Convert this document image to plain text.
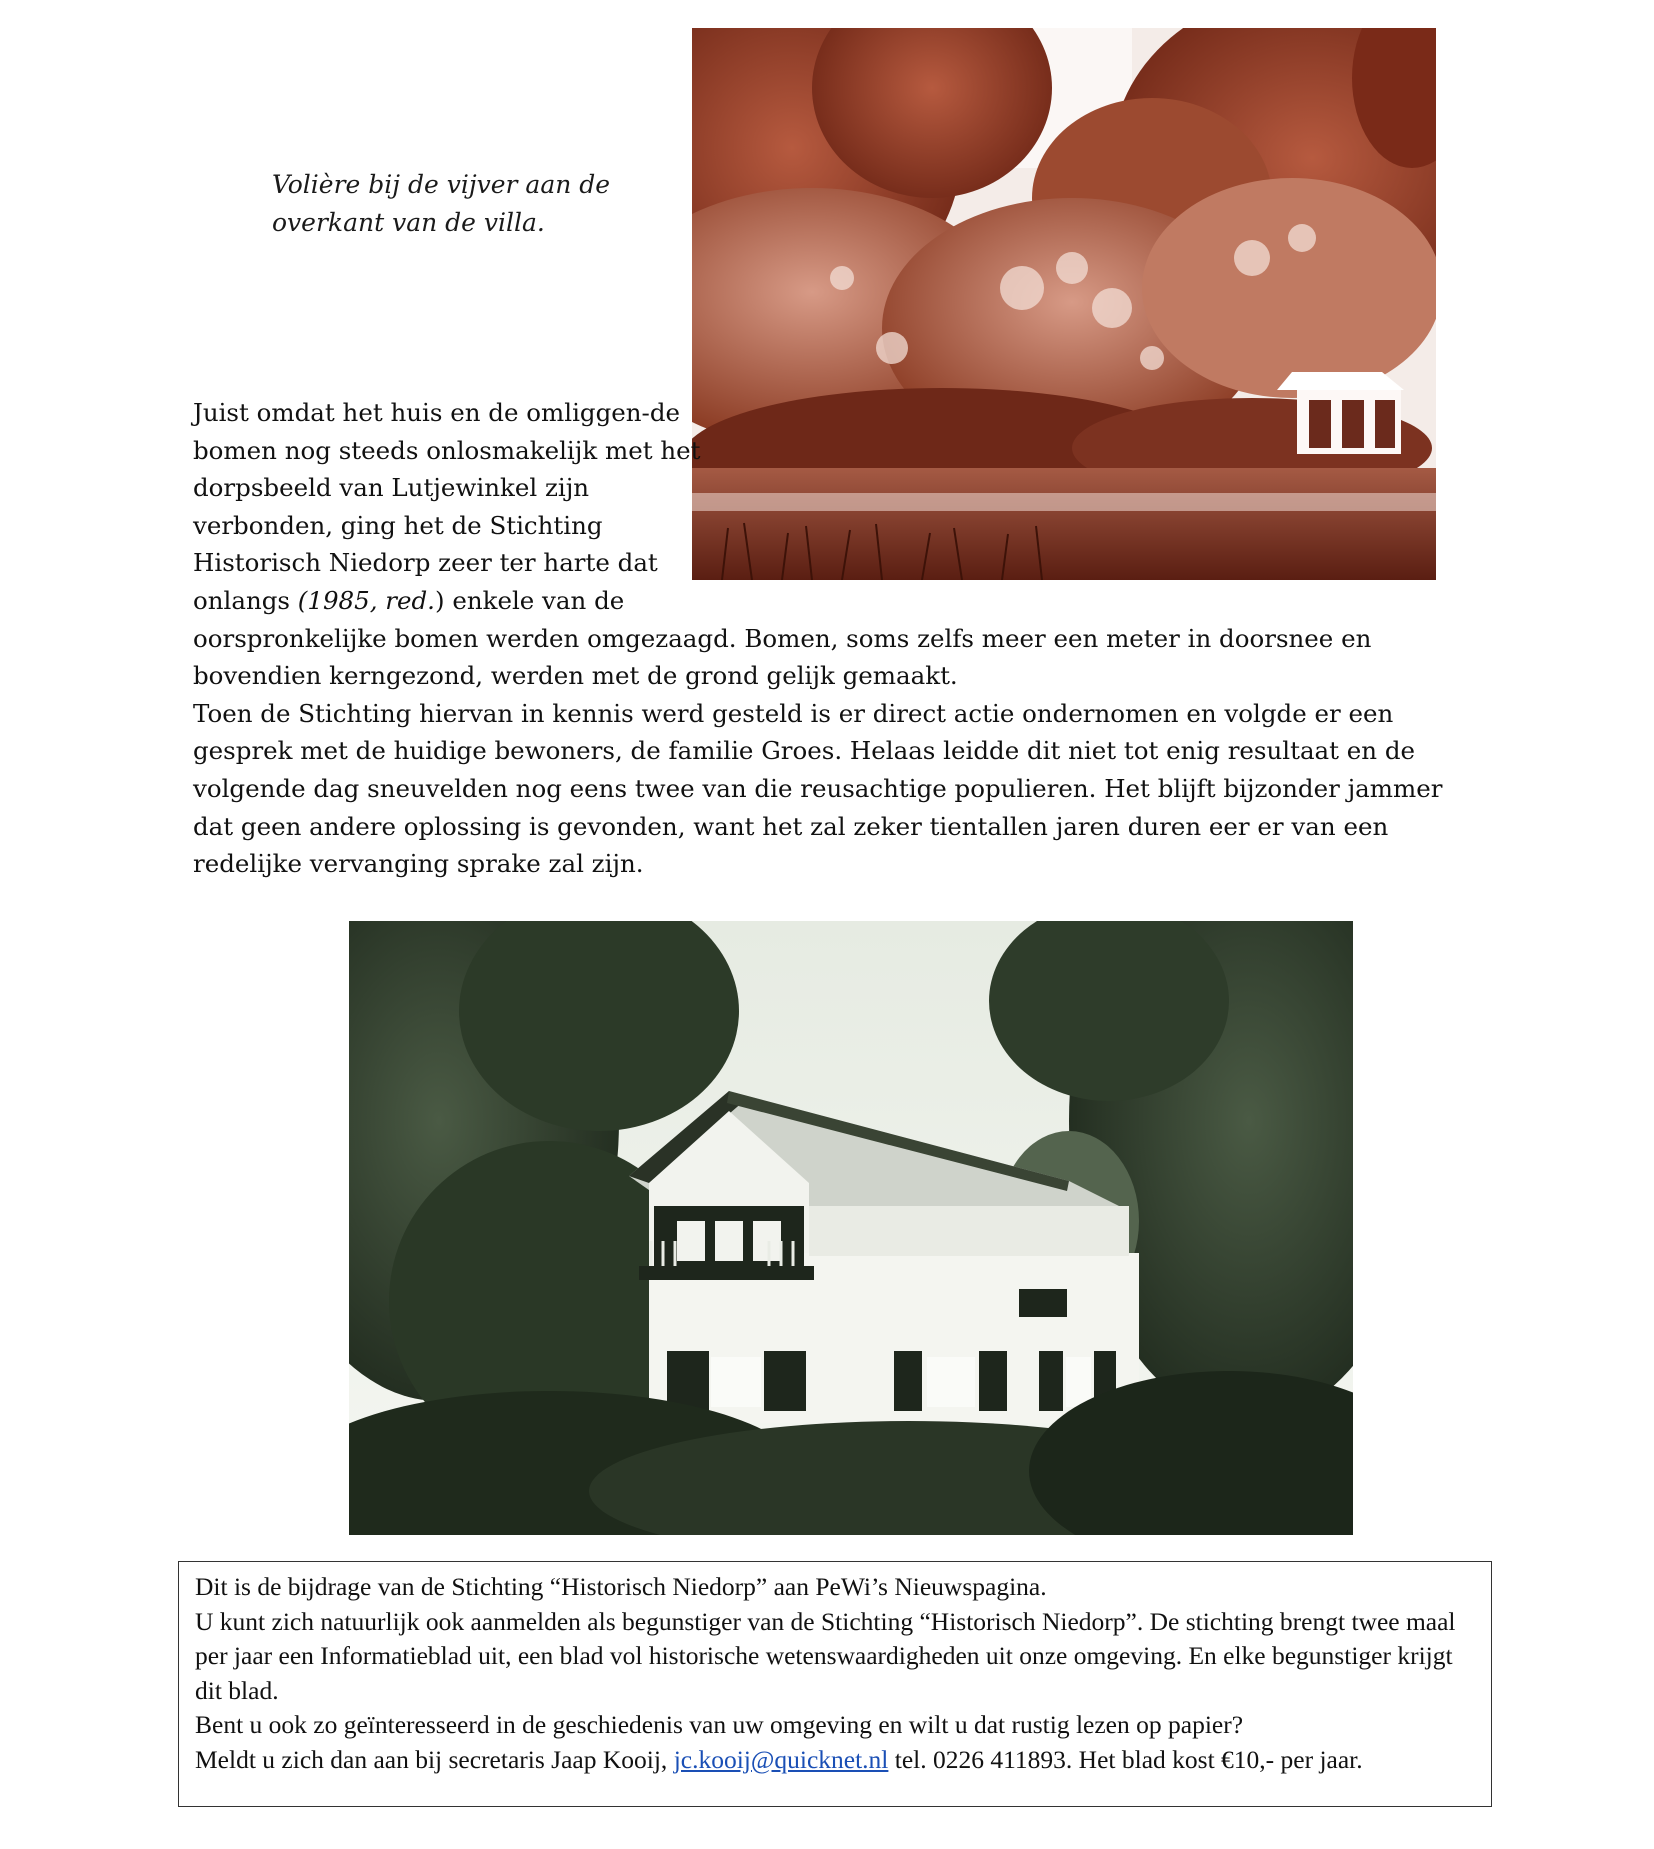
Volière bij de vijver aan de
overkant van de villa.

Juist omdat het huis en de omliggen-de bomen nog steeds onlosmakelijk met het dorpsbeeld van Lutjewinkel zijn verbonden, ging het de Stichting Historisch Niedorp zeer ter harte dat onlangs (1985, red.) enkele van de oorspronkelijke bomen werden omgezaagd. Bomen, soms zelfs meer een meter in doorsnee en bovendien kerngezond, werden met de grond gelijk gemaakt.

Toen de Stichting hiervan in kennis werd gesteld is er direct actie ondernomen en volgde er een gesprek met de huidige bewoners, de familie Groes. Helaas leidde dit niet tot enig resultaat en de volgende dag sneuvelden nog eens twee van die reusachtige populieren. Het blijft bijzonder jammer dat geen andere oplossing is gevonden, want het zal zeker tientallen jaren duren eer er van een redelijke vervanging sprake zal zijn.

Dit is de bijdrage van de Stichting “Historisch Niedorp” aan PeWi’s Nieuwspagina.

U kunt zich natuurlijk ook aanmelden als begunstiger van de Stichting “Historisch Niedorp”. De stichting brengt twee maal per jaar een Informatieblad uit, een blad vol historische wetenswaardigheden uit onze omgeving. En elke begunstiger krijgt dit blad.

Bent u ook zo geïnteresseerd in de geschiedenis van uw omgeving en wilt u dat rustig lezen op papier?

Meldt u zich dan aan bij secretaris Jaap Kooij, jc.kooij@quicknet.nl tel. 0226 411893. Het blad kost €10,- per jaar.
